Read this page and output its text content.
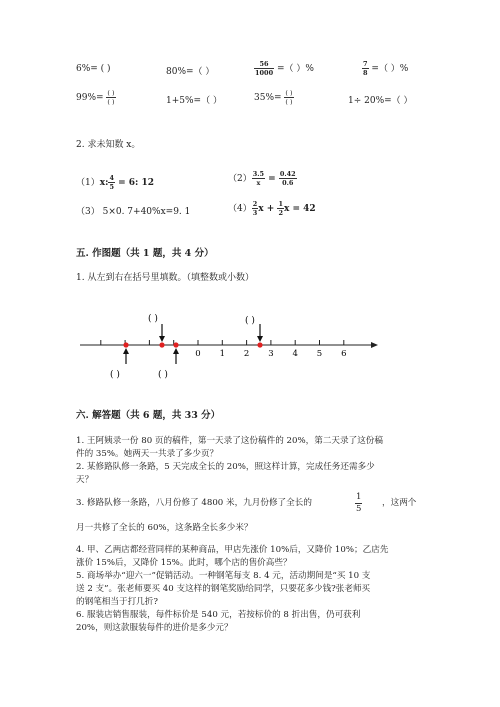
6%= ( )	80%=（ ）	$\frac{56}{1000}$ =（ ）%	$\frac{7}{8}$ =（ ）%
$99\%= \frac{( )}{( )}$	1+5%=（ ）	$35\%= \frac{( )}{( )}$	1÷ 20%=（ ）
2. 求未知数 x。
（1）x: $\frac{4}{5} = 6$: 12	$(2) \frac{3.5}{x} = \frac{0.42}{0.6}$
（3） 5×0. 7+40%x=9. 1	$(4) \frac{2}{3}$ $x + \frac{1}{2}$ x = 42
五. 作图题（共 1 题，共 4 分）
1. 从左到右在括号里填数。（填整数或小数）
0 1 2 3 4 5 6
( )	( )
( )	( )
六. 解答题（共 6 题，共 33 分）
1. 王阿姨录一份 80 页的稿件，第一天录了这份稿件的 20%，第二天录了这份稿
件的 35%。她两天一共录了多少页？
2. 某修路队修一条路，5 天完成全长的 20%，照这样计算，完成任务还需多少
天？
3. 修路队修一条路，八月份修了 4800 米，九月份修了全长的	$\frac{1}{5}$ ，这两个
月一共修了全长的 60%，这条路全长多少米？
4. 甲、乙两店都经营同样的某种商品，甲店先涨价 10%后，又降价 10%；乙店先
涨价 15%后，又降价 15%。此时，哪个店的售价高些？
5. 商场举办“迎六一”促销活动。一种钢笔每支 8. 4 元，活动期间是“买 10 支
送 2 支”。张老师要买 40 支这样的钢笔奖励给同学，只要花多少钱?张老师买
的钢笔相当于打几折?
6. 服装店销售服装，每件标价是 540 元，若按标价的 8 折出售，仍可获利
20%，则这款服装每件的进价是多少元？
